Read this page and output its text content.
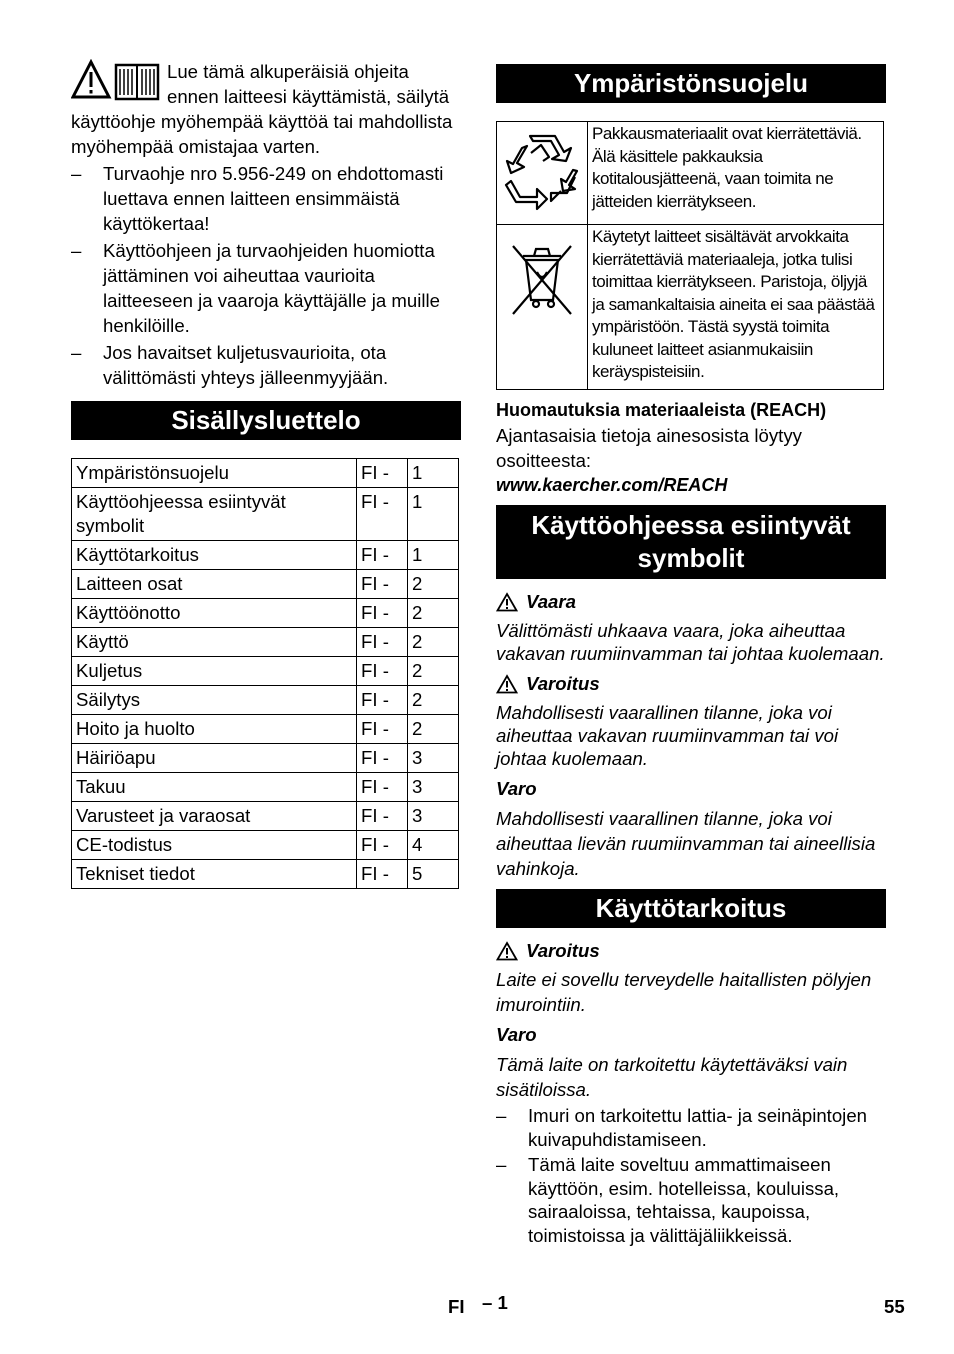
Lue tämä alkuperäisiä ohjeita ennen laitteesi käyttämistä, säilytä käyttöohje myöhempää käyttöä tai mahdollista myöhempää omistajaa varten.
–	Turvaohje nro 5.956-249 on ehdottomasti luettava ennen laitteen ensimmäistä käyttökertaa!
–	Käyttöohjeen ja turvaohjeiden huomiotta jättäminen voi aiheuttaa vaurioita laitteeseen ja vaaroja käyttäjälle ja muille henkilöille.
–	Jos havaitset kuljetusvaurioita, ota välittömästi yhteys jälleenmyyjään.
Sisällysluettelo
Ympäristönsuojelu	FI -	1
Käyttöohjeessa esiintyvät symbolit	FI -	1
Käyttötarkoitus	FI -	1
Laitteen osat	FI -	2
Käyttöönotto	FI -	2
Käyttö	FI -	2
Kuljetus	FI -	2
Säilytys	FI -	2
Hoito ja huolto	FI -	2
Häiriöapu	FI -	3
Takuu	FI -	3
Varusteet ja varaosat	FI -	3
CE-todistus	FI -	4
Tekniset tiedot	FI -	5
Ympäristönsuojelu
	Pakkausmateriaalit ovat kierrätettäviä. Älä käsittele pakkauksia kotitalousjätteenä, vaan toimita ne jätteiden kierrätykseen.
	Käytetyt laitteet sisältävät arvokkaita kierrätettäviä materiaaleja, jotka tulisi toimittaa kierrätykseen. Paristoja, öljyjä ja samankaltaisia aineita ei saa päästää ympäristöön. Tästä syystä toimita kuluneet laitteet asianmukaisiin keräyspisteisiin.

Huomautuksia materiaaleista (REACH)

Ajantasaisia tietoja ainesosista löytyy osoitteesta:

www.kaercher.com/REACH

Käyttöohjeessa esiintyvät symbolit

Vaara

Välittömästi uhkaava vaara, joka aiheuttaa vakavan ruumiinvamman tai johtaa kuolemaan.

Varoitus

Mahdollisesti vaarallinen tilanne, joka voi aiheuttaa vakavan ruumiinvamman tai voi johtaa kuolemaan.

Varo

Mahdollisesti vaarallinen tilanne, joka voi aiheuttaa lievän ruumiinvamman tai aineellisia vahinkoja.

Käyttötarkoitus

Varoitus

Laite ei sovellu terveydelle haitallisten pölyjen imurointiin.

Varo

Tämä laite on tarkoitettu käytettäväksi vain sisätiloissa.

–	Imuri on tarkoitettu lattia- ja seinäpintojen kuivapuhdistamiseen.
–	Tämä laite soveltuu ammattimaiseen käyttöön, esim. hotelleissa, kouluissa, sairaaloissa, tehtaissa, kaupoissa, toimistoissa ja välittäjäliikkeissä.
FI – 1	55
